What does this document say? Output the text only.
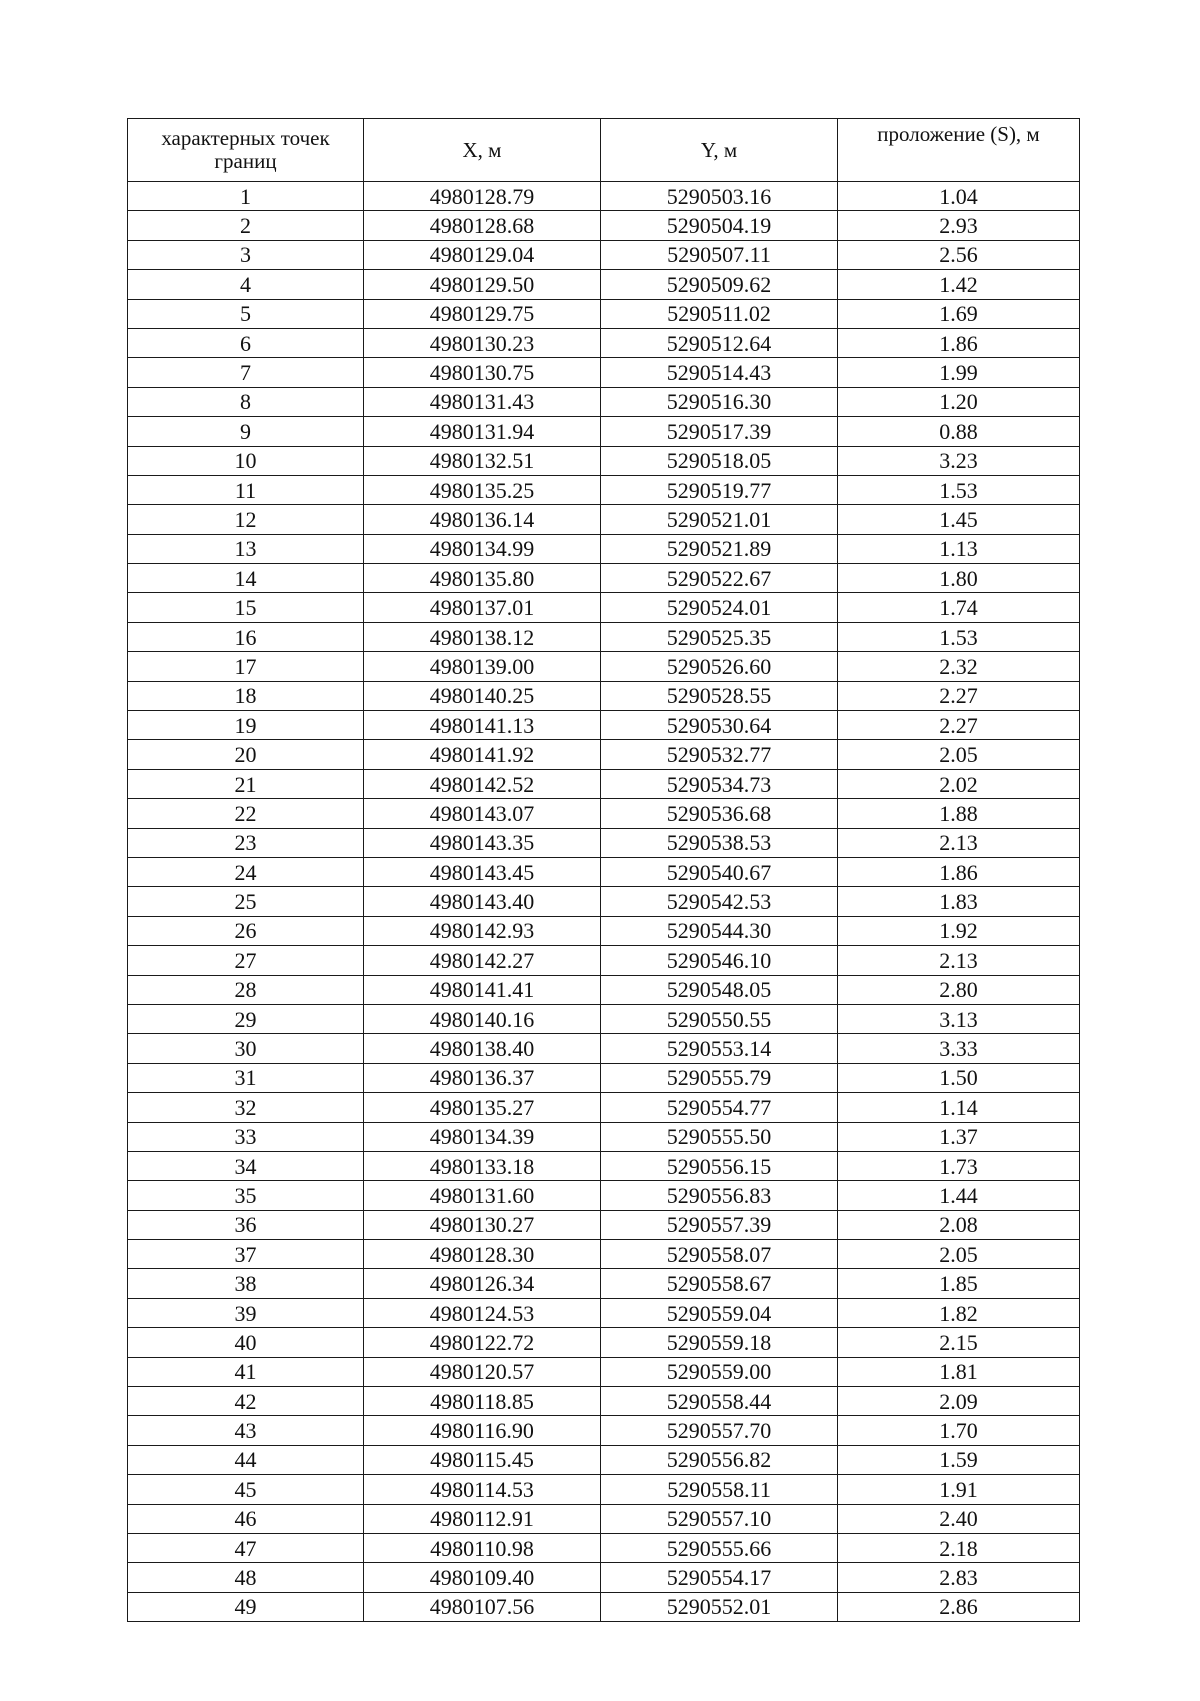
характерных точек границ	X, м	Y, м	проложение (S), м
1	4980128.79	5290503.16	1.04
2	4980128.68	5290504.19	2.93
3	4980129.04	5290507.11	2.56
4	4980129.50	5290509.62	1.42
5	4980129.75	5290511.02	1.69
6	4980130.23	5290512.64	1.86
7	4980130.75	5290514.43	1.99
8	4980131.43	5290516.30	1.20
9	4980131.94	5290517.39	0.88
10	4980132.51	5290518.05	3.23
11	4980135.25	5290519.77	1.53
12	4980136.14	5290521.01	1.45
13	4980134.99	5290521.89	1.13
14	4980135.80	5290522.67	1.80
15	4980137.01	5290524.01	1.74
16	4980138.12	5290525.35	1.53
17	4980139.00	5290526.60	2.32
18	4980140.25	5290528.55	2.27
19	4980141.13	5290530.64	2.27
20	4980141.92	5290532.77	2.05
21	4980142.52	5290534.73	2.02
22	4980143.07	5290536.68	1.88
23	4980143.35	5290538.53	2.13
24	4980143.45	5290540.67	1.86
25	4980143.40	5290542.53	1.83
26	4980142.93	5290544.30	1.92
27	4980142.27	5290546.10	2.13
28	4980141.41	5290548.05	2.80
29	4980140.16	5290550.55	3.13
30	4980138.40	5290553.14	3.33
31	4980136.37	5290555.79	1.50
32	4980135.27	5290554.77	1.14
33	4980134.39	5290555.50	1.37
34	4980133.18	5290556.15	1.73
35	4980131.60	5290556.83	1.44
36	4980130.27	5290557.39	2.08
37	4980128.30	5290558.07	2.05
38	4980126.34	5290558.67	1.85
39	4980124.53	5290559.04	1.82
40	4980122.72	5290559.18	2.15
41	4980120.57	5290559.00	1.81
42	4980118.85	5290558.44	2.09
43	4980116.90	5290557.70	1.70
44	4980115.45	5290556.82	1.59
45	4980114.53	5290558.11	1.91
46	4980112.91	5290557.10	2.40
47	4980110.98	5290555.66	2.18
48	4980109.40	5290554.17	2.83
49	4980107.56	5290552.01	2.86
